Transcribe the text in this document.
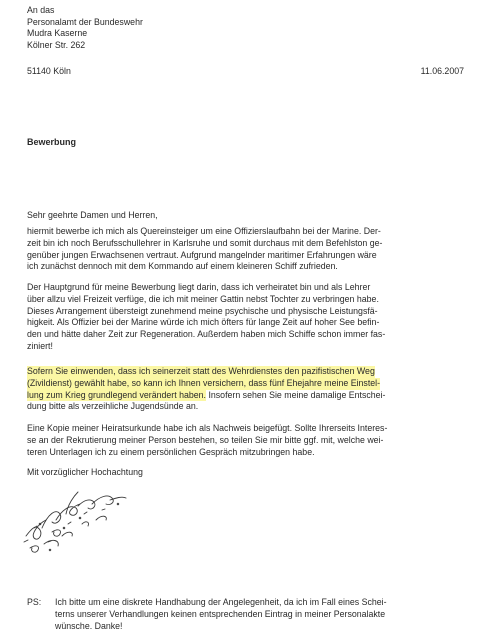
An das
Personalamt der Bundeswehr
Mudra Kaserne
Kölner Str. 262
51140 Köln	11.06.2007
Bewerbung
Sehr geehrte Damen und Herren,
hiermit bewerbe ich mich als Quereinsteiger um eine Offizierslaufbahn bei der Marine. Der-
zeit bin ich noch Berufsschullehrer in Karlsruhe und somit durchaus mit dem Befehlston ge-
genüber jungen Erwachsenen vertraut. Aufgrund mangelnder maritimer Erfahrungen wäre
ich zunächst dennoch mit dem Kommando auf einem kleineren Schiff zufrieden.
Der Hauptgrund für meine Bewerbung liegt darin, dass ich verheiratet bin und als Lehrer
über allzu viel Freizeit verfüge, die ich mit meiner Gattin nebst Tochter zu verbringen habe.
Dieses Arrangement übersteigt zunehmend meine psychische und physische Leistungsfä-
higkeit. Als Offizier bei der Marine würde ich mich öfters für lange Zeit auf hoher See befin-
den und hätte daher Zeit zur Regeneration. Außerdem haben mich Schiffe schon immer fas-
ziniert!
Sofern Sie einwenden, dass ich seinerzeit statt des Wehrdienstes den pazifistischen Weg
(Zivildienst) gewählt habe, so kann ich Ihnen versichern, dass fünf Ehejahre meine Einstel-
lung zum Krieg grundlegend verändert haben. Insofern sehen Sie meine damalige Entschei-
dung bitte als verzeihliche Jugendsünde an.
Eine Kopie meiner Heiratsurkunde habe ich als Nachweis beigefügt. Sollte Ihrerseits Interes-
se an der Rekrutierung meiner Person bestehen, so teilen Sie mir bitte ggf. mit, welche wei-
teren Unterlagen ich zu einem persönlichen Gespräch mitzubringen habe.
Mit vorzüglicher Hochachtung
PS: Ich bitte um eine diskrete Handhabung der Angelegenheit, da ich im Fall eines Schei-
terns unserer Verhandlungen keinen entsprechenden Eintrag in meiner Personalakte
wünsche. Danke!
